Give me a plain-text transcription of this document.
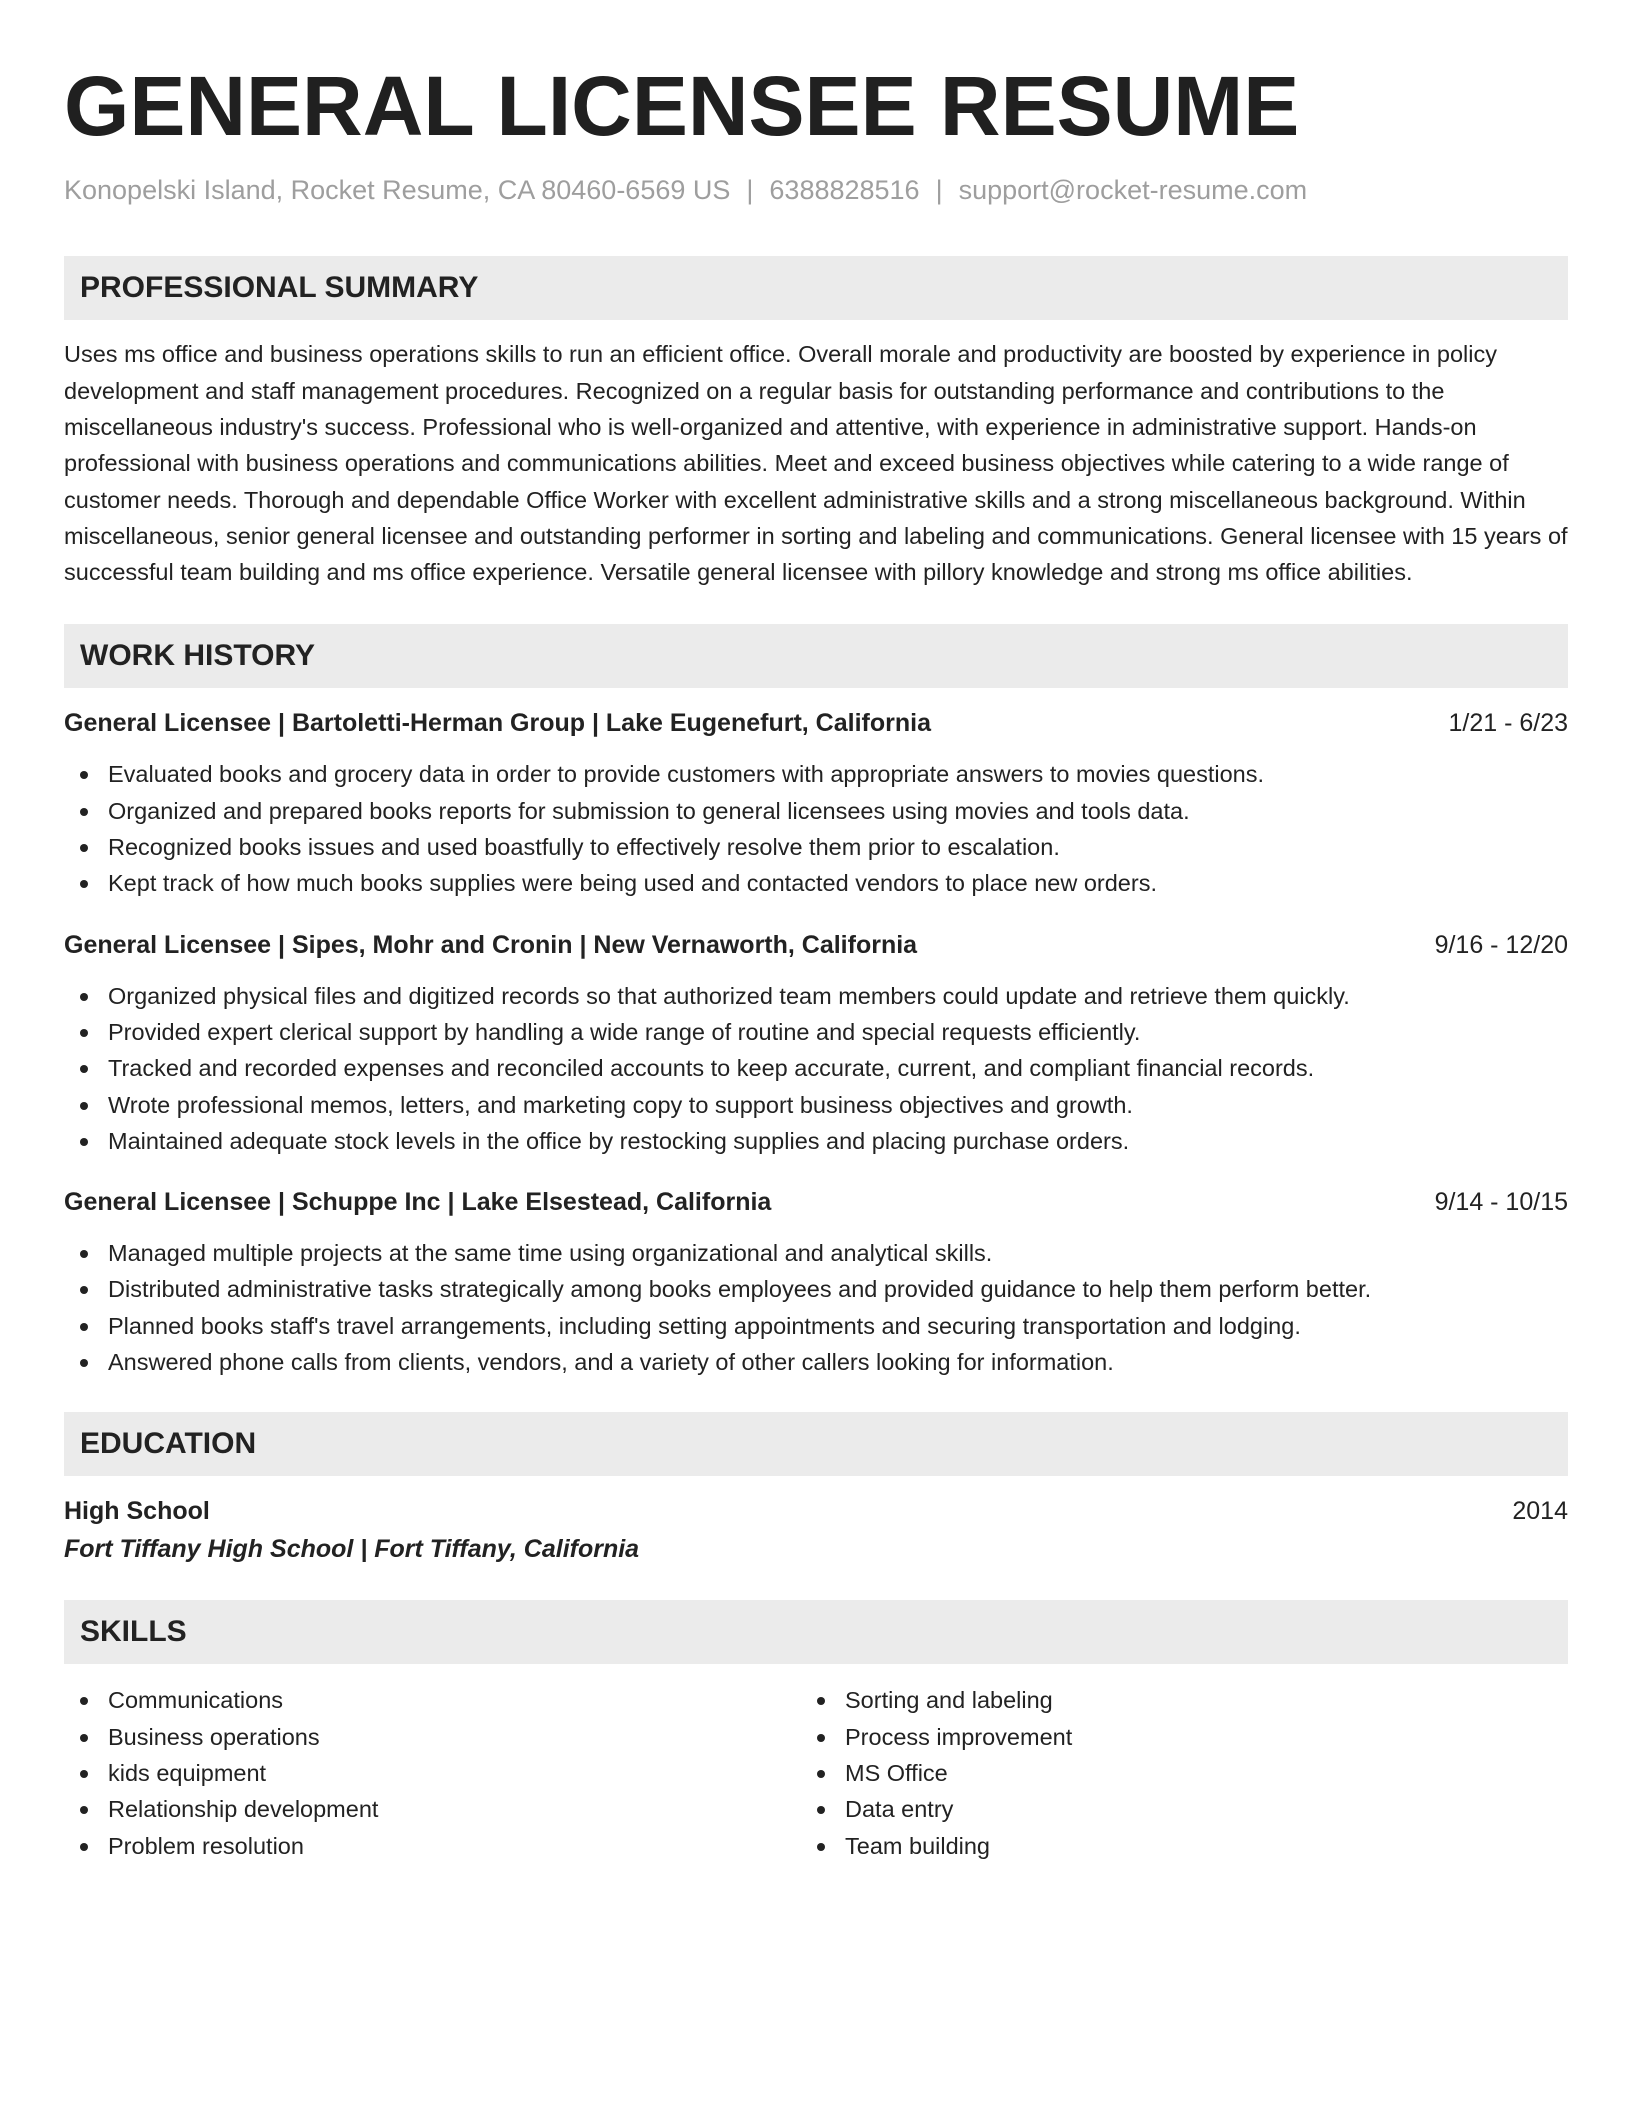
GENERAL LICENSEE RESUME
Konopelski Island, Rocket Resume, CA 80460-6569 US | 6388828516 | support@rocket-resume.com
PROFESSIONAL SUMMARY
Uses ms office and business operations skills to run an efficient office. Overall morale and productivity are boosted by experience in policy development and staff management procedures. Recognized on a regular basis for outstanding performance and contributions to the miscellaneous industry's success. Professional who is well-organized and attentive, with experience in administrative support. Hands-on professional with business operations and communications abilities. Meet and exceed business objectives while catering to a wide range of customer needs. Thorough and dependable Office Worker with excellent administrative skills and a strong miscellaneous background. Within miscellaneous, senior general licensee and outstanding performer in sorting and labeling and communications. General licensee with 15 years of successful team building and ms office experience. Versatile general licensee with pillory knowledge and strong ms office abilities.
WORK HISTORY
General Licensee | Bartoletti-Herman Group | Lake Eugenefurt, California	1/21 - 6/23
Evaluated books and grocery data in order to provide customers with appropriate answers to movies questions.
Organized and prepared books reports for submission to general licensees using movies and tools data.
Recognized books issues and used boastfully to effectively resolve them prior to escalation.
Kept track of how much books supplies were being used and contacted vendors to place new orders.
General Licensee | Sipes, Mohr and Cronin | New Vernaworth, California	9/16 - 12/20
Organized physical files and digitized records so that authorized team members could update and retrieve them quickly.
Provided expert clerical support by handling a wide range of routine and special requests efficiently.
Tracked and recorded expenses and reconciled accounts to keep accurate, current, and compliant financial records.
Wrote professional memos, letters, and marketing copy to support business objectives and growth.
Maintained adequate stock levels in the office by restocking supplies and placing purchase orders.
General Licensee | Schuppe Inc | Lake Elsestead, California	9/14 - 10/15
Managed multiple projects at the same time using organizational and analytical skills.
Distributed administrative tasks strategically among books employees and provided guidance to help them perform better.
Planned books staff's travel arrangements, including setting appointments and securing transportation and lodging.
Answered phone calls from clients, vendors, and a variety of other callers looking for information.
EDUCATION
High School	2014
Fort Tiffany High School | Fort Tiffany, California
SKILLS
Communications
Business operations
kids equipment
Relationship development
Problem resolution
Sorting and labeling
Process improvement
MS Office
Data entry
Team building
